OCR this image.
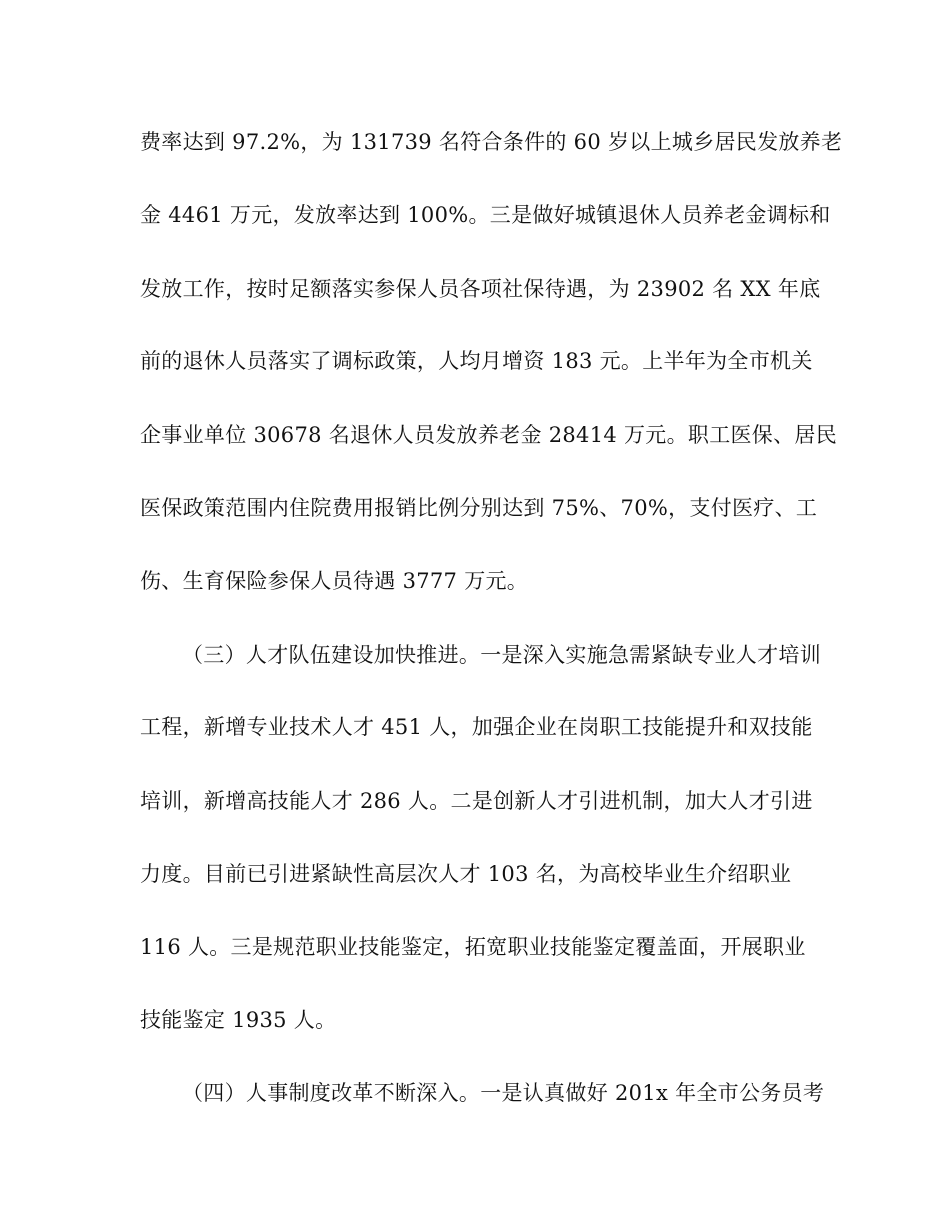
费率达到 97.2%，为 131739 名符合条件的 60 岁以上城乡居民发放养老
金 4461 万元，发放率达到 100%。三是做好城镇退休人员养老金调标和
发放工作，按时足额落实参保人员各项社保待遇，为 23902 名 XX 年底
前的退休人员落实了调标政策，人均月增资 183 元。上半年为全市机关
企事业单位 30678 名退休人员发放养老金 28414 万元。职工医保、居民
医保政策范围内住院费用报销比例分别达到 75%、70%，支付医疗、工
伤、生育保险参保人员待遇 3777 万元。
（三）人才队伍建设加快推进。一是深入实施急需紧缺专业人才培训
工程，新增专业技术人才 451 人，加强企业在岗职工技能提升和双技能
培训，新增高技能人才 286 人。二是创新人才引进机制，加大人才引进
力度。目前已引进紧缺性高层次人才 103 名，为高校毕业生介绍职业
116 人。三是规范职业技能鉴定，拓宽职业技能鉴定覆盖面，开展职业
技能鉴定 1935 人。
（四）人事制度改革不断深入。一是认真做好 201x 年全市公务员考
